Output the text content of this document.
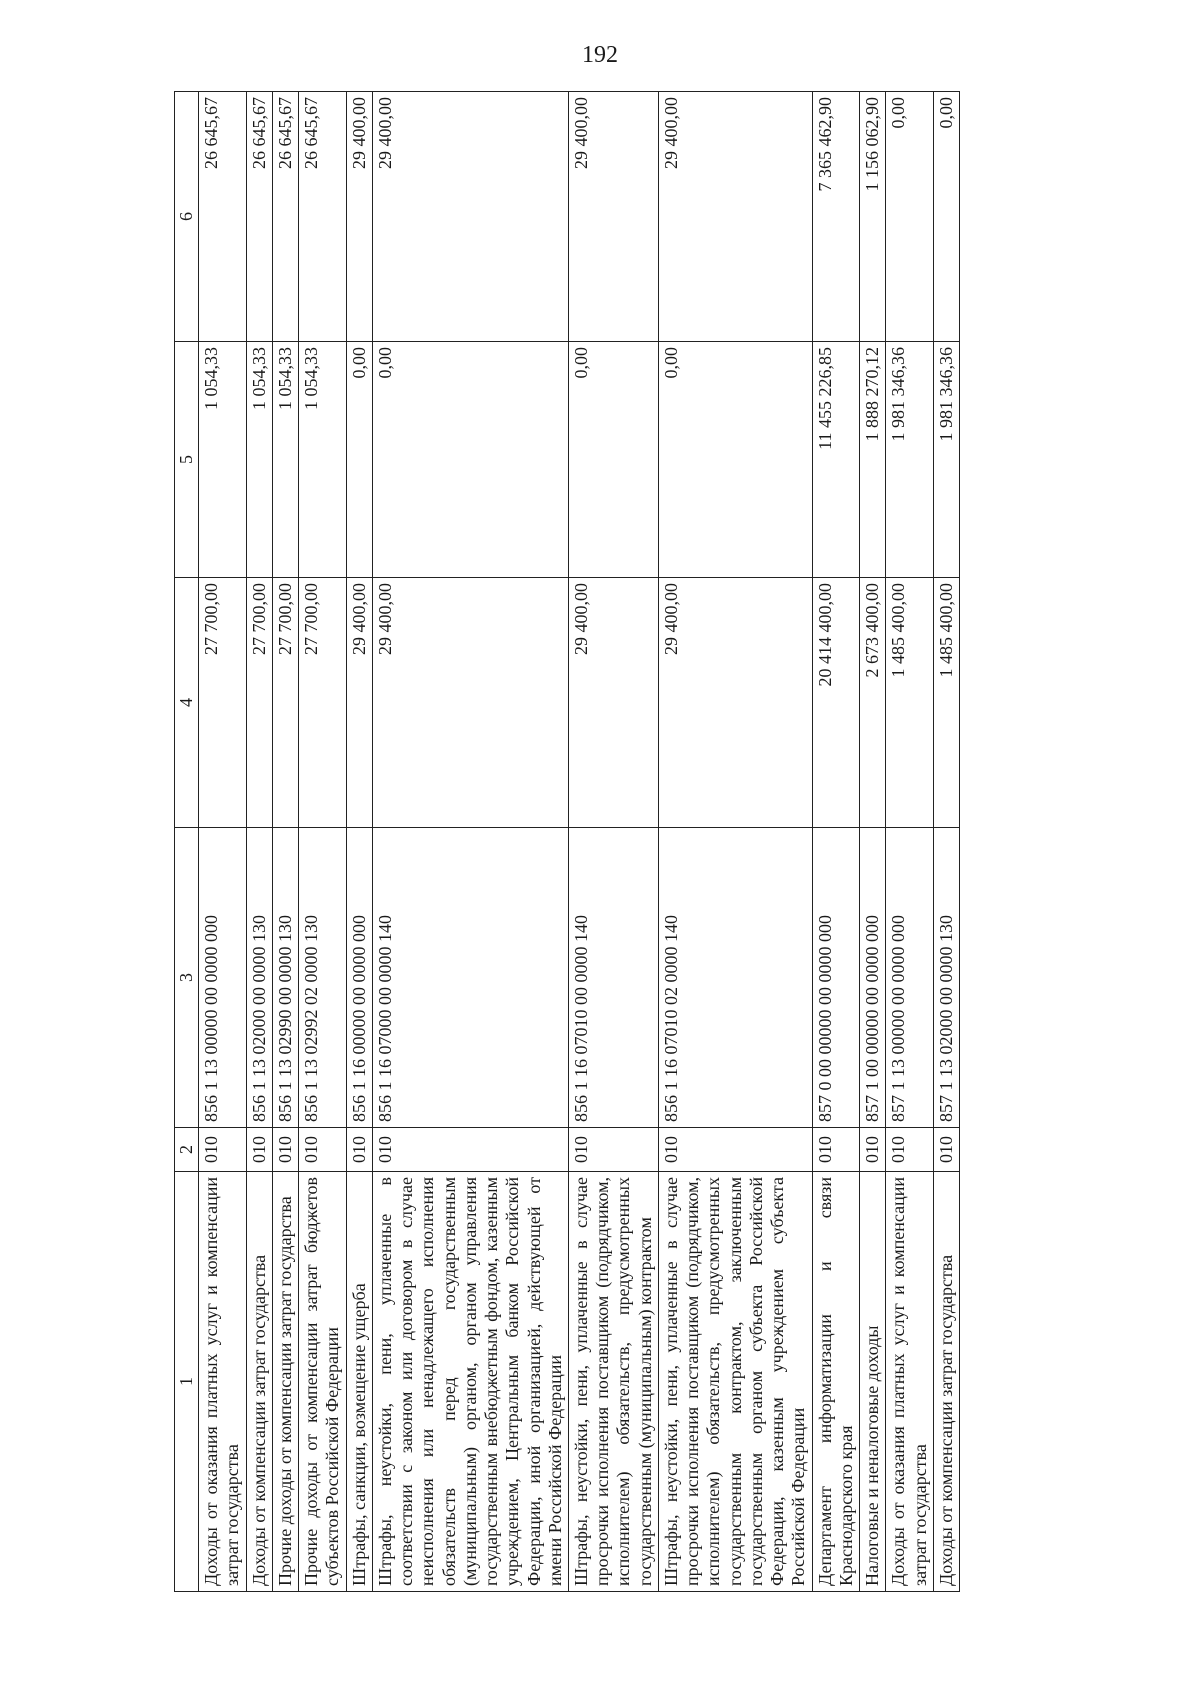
192
1	2	3	4	5	6
Доходы от оказания платных услуг и компенсации затрат государства	010	856 1 13 00000 00 0000 000	27 700,00	1 054,33	26 645,67
Доходы от компенсации затрат государства	010	856 1 13 02000 00 0000 130	27 700,00	1 054,33	26 645,67
Прочие доходы от компенсации затрат государства	010	856 1 13 02990 00 0000 130	27 700,00	1 054,33	26 645,67
Прочие доходы от компенсации затрат бюджетов субъектов Российской Федерации	010	856 1 13 02992 02 0000 130	27 700,00	1 054,33	26 645,67
Штрафы, санкции, возмещение ущерба	010	856 1 16 00000 00 0000 000	29 400,00	0,00	29 400,00
Штрафы, неустойки, пени, уплаченные в соответствии с законом или договором в случае неисполнения или ненадлежащего исполнения обязательств перед государственным (муниципальным) органом, органом управления государственным внебюджетным фондом, казенным учреждением, Центральным банком Российской Федерации, иной организацией, действующей от имени Российской Федерации	010	856 1 16 07000 00 0000 140	29 400,00	0,00	29 400,00
Штрафы, неустойки, пени, уплаченные в случае просрочки исполнения поставщиком (подрядчиком, исполнителем) обязательств, предусмотренных государственным (муниципальным) контрактом	010	856 1 16 07010 00 0000 140	29 400,00	0,00	29 400,00
Штрафы, неустойки, пени, уплаченные в случае просрочки исполнения поставщиком (подрядчиком, исполнителем) обязательств, предусмотренных государственным контрактом, заключенным государственным органом субъекта Российской Федерации, казенным учреждением субъекта Российской Федерации	010	856 1 16 07010 02 0000 140	29 400,00	0,00	29 400,00
Департамент информатизации и связи Краснодарского края	010	857 0 00 00000 00 0000 000	20 414 400,00	11 455 226,85	7 365 462,90
Налоговые и неналоговые доходы	010	857 1 00 00000 00 0000 000	2 673 400,00	1 888 270,12	1 156 062,90
Доходы от оказания платных услуг и компенсации затрат государства	010	857 1 13 00000 00 0000 000	1 485 400,00	1 981 346,36	0,00
Доходы от компенсации затрат государства	010	857 1 13 02000 00 0000 130	1 485 400,00	1 981 346,36	0,00
